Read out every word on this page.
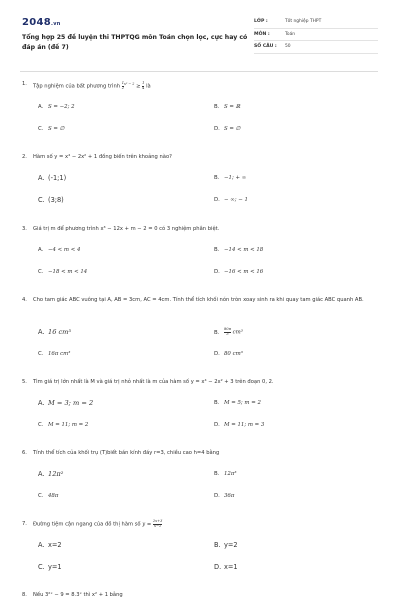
2048.vn
Tổng hợp 25 đề luyện thi THPTQG môn Toán chọn lọc, cực hay có đáp án (đề 7)
LỚP :	Tốt nghiệp THPT
MÔN :	Toán
SỐ CÂU : 50
1. Tập nghiệm của bất phương trình $\frac{1}{2} ^{x^2 - 2} \ge \frac{1}{4}$ là
A. S = −2; 2	B. S = ℝ
C. S = ∅	D. S = ∅
2. Hàm số y = x⁴ − 2x² + 1 đồng biến trên khoảng nào?
A. (-1;1)	B. −1; + ∞
C. (3;8)	D. − ∞; − 1
3. Giá trị m để phương trình x³ − 12x + m − 2 = 0 có 3 nghiệm phân biệt.
A. −4 < m < 4	B. −14 < m < 18
C. −18 < m < 14	D. −16 < m < 16
4. Cho tam giác ABC vuông tại A, AB = 3cm, AC = 4cm. Tính thể tích khối nón tròn xoay sinh ra khi quay tam giác ABC quanh AB.
A. 16 cm³	B. $\frac{80\pi}{3} cm^3$
C. 16π cm³	D. 80 cm³
5. Tìm giá trị lớn nhất là M và giá trị nhỏ nhất là m của hàm số y = x⁴ − 2x² + 3 trên đoạn 0, 2.
A. M = 3; m = 2	B. M = 5; m = 2
C. M = 11; m = 2	D. M = 11; m = 3
6. Tính thể tích của khối trụ (T)biết bán kính đáy r=3, chiều cao h=4 bằng
A. 12π²	B. 12π³
C. 48π	D. 36π
7. Đường tiệm cận ngang của đồ thị hàm số $y = \frac{2x+3}{x-1}$
A. x=2	B. y=2
C. y=1	D. x=1
8. Nếu 3²ˣ − 9 = 8.3ˣ thì x² + 1 bằng
